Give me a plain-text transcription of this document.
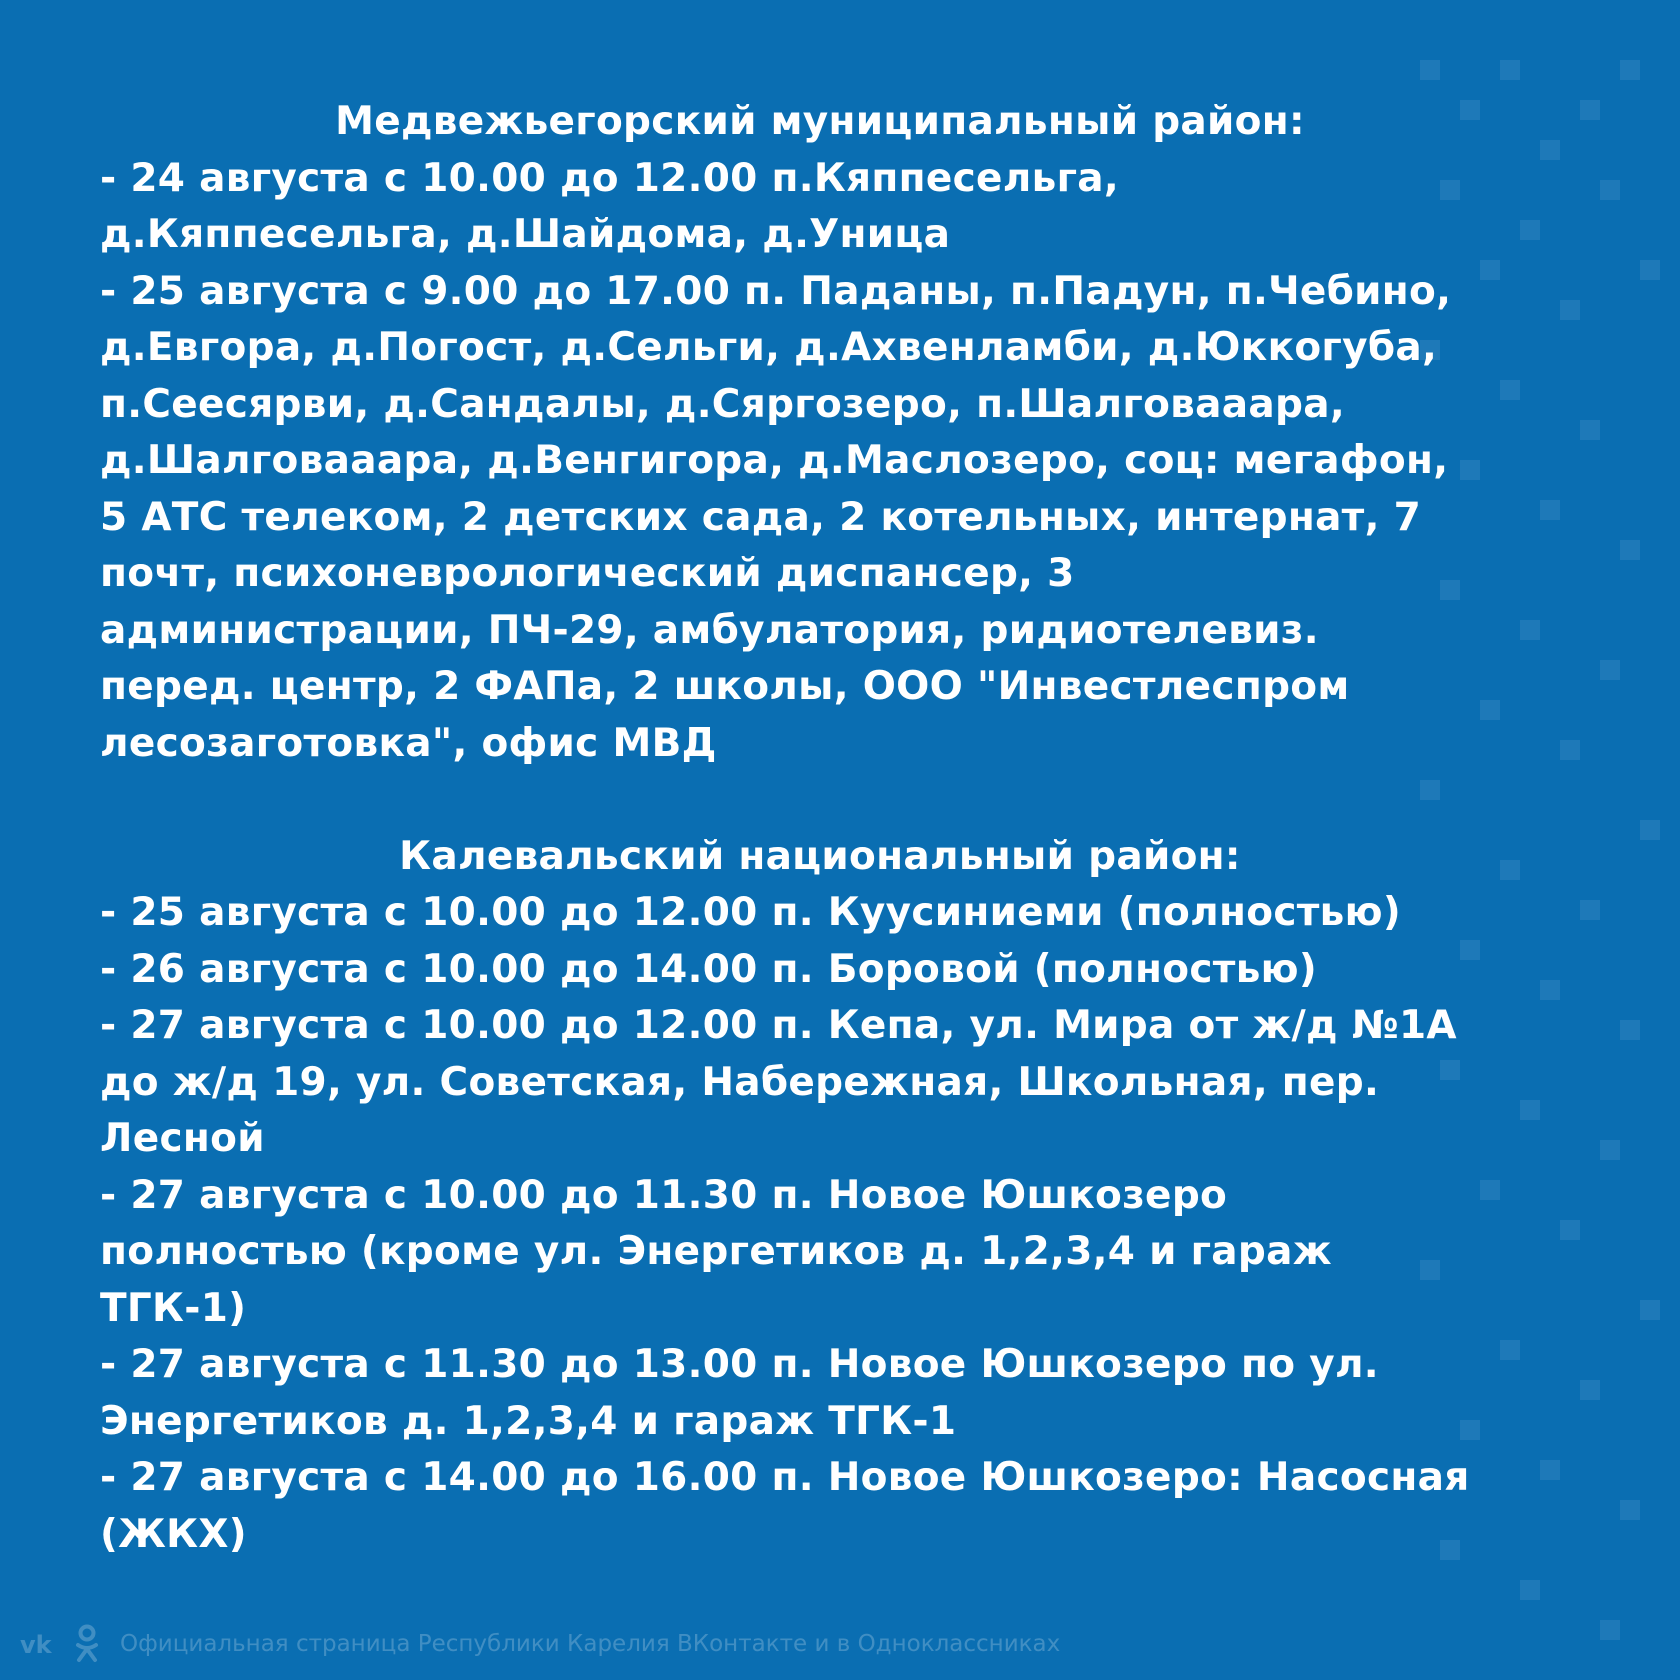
Медвежьегорский муниципальный район:
- 24 августа с 10.00 до 12.00 п.Кяппесельга,
д.Кяппесельга, д.Шайдома, д.Уница
- 25 августа с 9.00 до 17.00 п. Паданы, п.Падун, п.Чебино,
д.Евгора, д.Погост, д.Сельги, д.Ахвенламби, д.Юккогуба,
п.Сеесярви, д.Сандалы, д.Сяргозеро, п.Шалговааара,
д.Шалговааара, д.Венгигора, д.Маслозеро, соц: мегафон,
5 АТС телеком, 2 детских сада, 2 котельных, интернат, 7
почт, психоневрологический диспансер, 3
администрации, ПЧ-29, амбулатория, ридиотелевиз.
перед. центр, 2 ФАПа, 2 школы, ООО "Инвестлеспром
лесозаготовка", офис МВД
Калевальский национальный район:
- 25 августа с 10.00 до 12.00 п. Куусиниеми (полностью)
- 26 августа с 10.00 до 14.00 п. Боровой (полностью)
- 27 августа с 10.00 до 12.00 п. Кепа, ул. Мира от ж/д №1А
до ж/д 19, ул. Советская, Набережная, Школьная, пер.
Лесной
- 27 августа с 10.00 до 11.30 п. Новое Юшкозеро
полностью (кроме ул. Энергетиков д. 1,2,3,4 и гараж
ТГК-1)
- 27 августа с 11.30 до 13.00 п. Новое Юшкозеро по ул.
Энергетиков д. 1,2,3,4 и гараж ТГК-1
- 27 августа с 14.00 до 16.00 п. Новое Юшкозеро: Насосная
(ЖКХ)
vk	Официальная страница Республики Карелия ВКонтакте и в Одноклассниках
